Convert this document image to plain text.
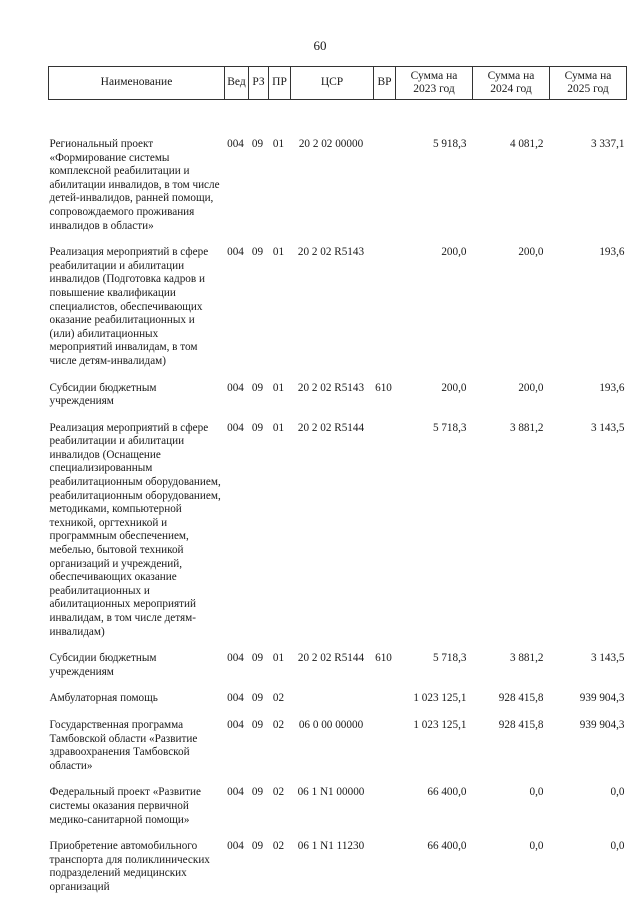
60
Наименование	Вед	РЗ	ПР	ЦСР	ВР	Сумма на 2023 год	Сумма на 2024 год	Сумма на 2025 год
Региональный проект «Формирование системы комплексной реабилитации и абилитации инвалидов, в том числе детей-инвалидов, ранней помощи, сопровождаемого проживания инвалидов в области»	004	09	01	20 2 02 00000		5 918,3	4 081,2	3 337,1
Реализация мероприятий в сфере реабилитации и абилитации инвалидов (Подготовка кадров и повышение квалификации специалистов, обеспечивающих оказание реабилитационных и (или) абилитационных мероприятий инвалидам, в том числе детям-инвалидам)	004	09	01	20 2 02 R5143		200,0	200,0	193,6
Субсидии бюджетным учреждениям	004	09	01	20 2 02 R5143	610	200,0	200,0	193,6
Реализация мероприятий в сфере реабилитации и абилитации инвалидов (Оснащение специализированным реабилитационным оборудованием, реабилитационным оборудованием, методиками, компьютерной техникой, оргтехникой и программным обеспечением, мебелью, бытовой техникой организаций и учреждений, обеспечивающих оказание реабилитационных и абилитационных мероприятий инвалидам, в том числе детям-инвалидам)	004	09	01	20 2 02 R5144		5 718,3	3 881,2	3 143,5
Субсидии бюджетным учреждениям	004	09	01	20 2 02 R5144	610	5 718,3	3 881,2	3 143,5
Амбулаторная помощь	004	09	02			1 023 125,1	928 415,8	939 904,3
Государственная программа Тамбовской области «Развитие здравоохранения Тамбовской области»	004	09	02	06 0 00 00000		1 023 125,1	928 415,8	939 904,3
Федеральный проект «Развитие системы оказания первичной медико-санитарной помощи»	004	09	02	06 1 N1 00000		66 400,0	0,0	0,0
Приобретение автомобильного транспорта для поликлинических подразделений медицинских организаций	004	09	02	06 1 N1 11230		66 400,0	0,0	0,0
